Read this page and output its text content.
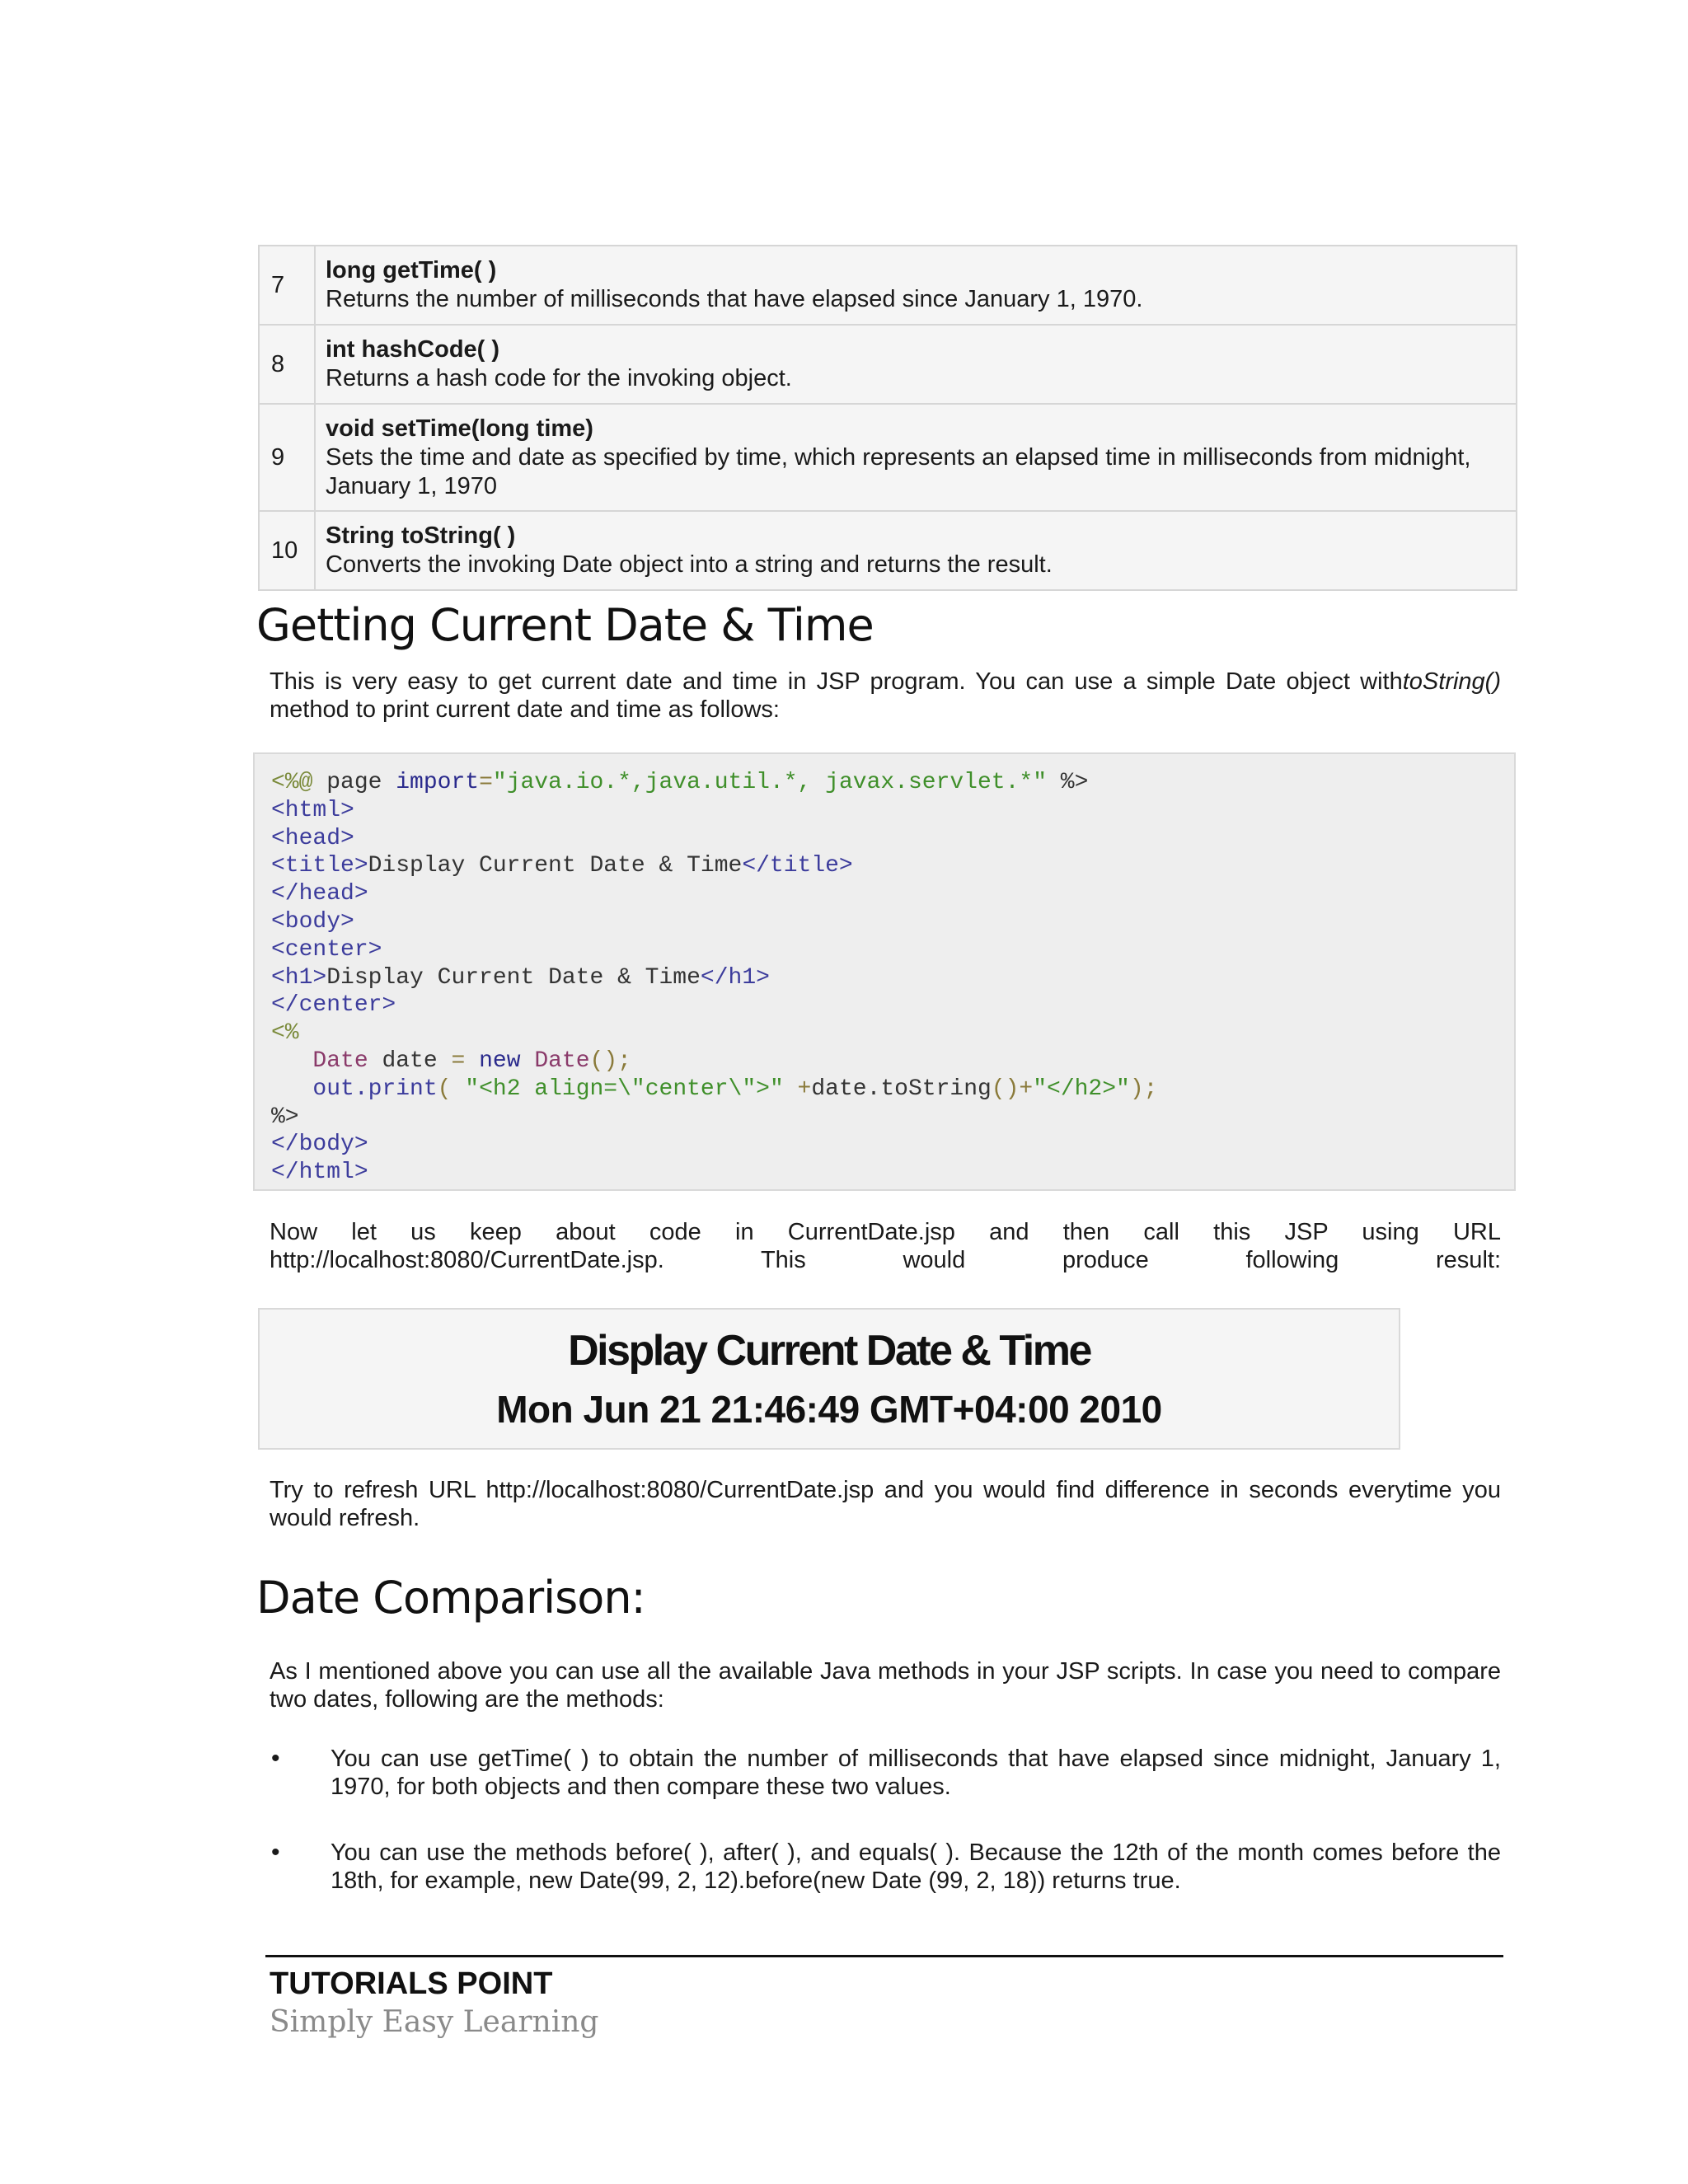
7	long getTime( )
Returns the number of milliseconds that have elapsed since January 1, 1970.

8	int hashCode( )
Returns a hash code for the invoking object.

9	void setTime(long time)
Sets the time and date as specified by time, which represents an elapsed time in milliseconds from midnight, January 1, 1970

10	String toString( )
Converts the invoking Date object into a string and returns the result.
Getting Current Date & Time

This is very easy to get current date and time in JSP program. You can use a simple Date object withtoString() method to print current date and time as follows:

<%@ page import="java.io.*,java.util.*, javax.servlet.*" %>
<html>
<head>
<title>Display Current Date & Time</title>
</head>
<body>
<center>
<h1>Display Current Date & Time</h1>
</center>
<%
Date date = new Date();
out.print( "<h2 align=\"center\">" +date.toString()+"</h2>");
%>
</body>
</html>

Now let us keep about code in CurrentDate.jsp and then call this JSP using URL http://localhost:8080/CurrentDate.jsp. This would produce following result:

Display Current Date & Time
Mon Jun 21 21:46:49 GMT+04:00 2010

Try to refresh URL http://localhost:8080/CurrentDate.jsp and you would find difference in seconds everytime you would refresh.

Date Comparison:

As I mentioned above you can use all the available Java methods in your JSP scripts. In case you need to compare two dates, following are the methods:

• You can use getTime( ) to obtain the number of milliseconds that have elapsed since midnight, January 1, 1970, for both objects and then compare these two values.
• You can use the methods before( ), after( ), and equals( ). Because the 12th of the month comes before the 18th, for example, new Date(99, 2, 12).before(new Date (99, 2, 18)) returns true.
TUTORIALS POINT
Simply Easy Learning
